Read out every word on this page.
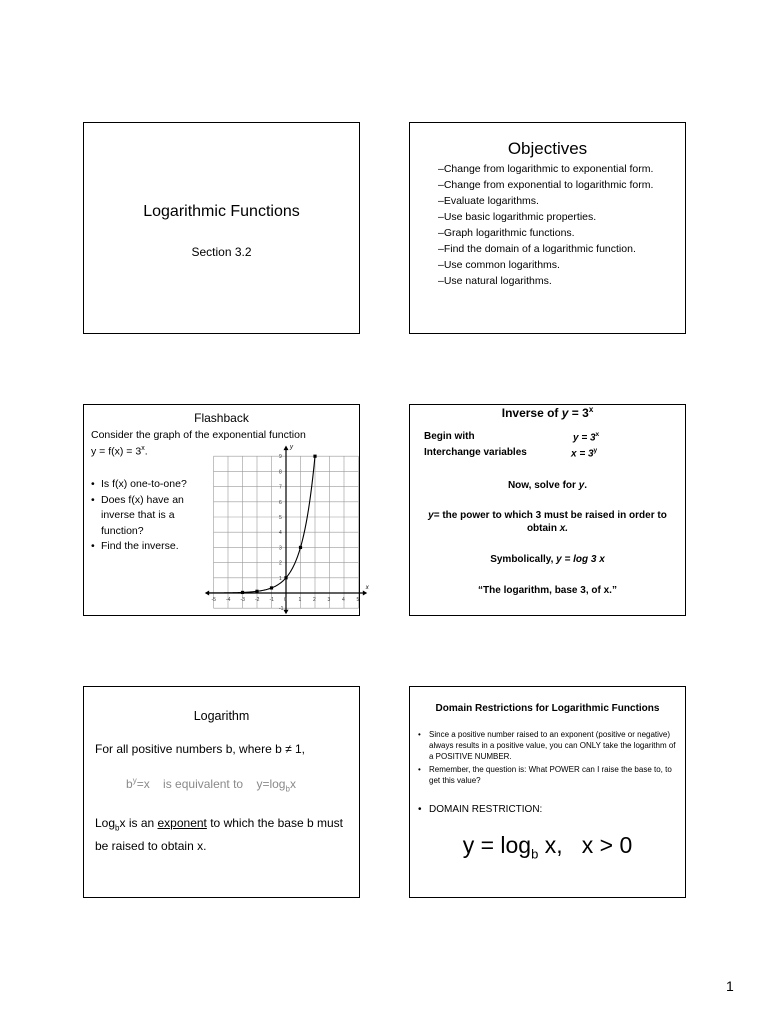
Logarithmic Functions
Section 3.2
Objectives
– Change from logarithmic to exponential form.
– Change from exponential to logarithmic form.
– Evaluate logarithms.
– Use basic logarithmic properties.
– Graph logarithmic functions.
– Find the domain of a logarithmic function.
– Use common logarithms.
– Use natural logarithms.
Flashback
Consider the graph of the exponential function
$y = f(x) = 3^x$.
• Is f(x) one-to-one?
• Does f(x) have an inverse that is a function?
• Find the inverse.
x
y
-5 -4 -3 -2 -1 0 1 2 3 4 5
-1
1
2
3
4
5
6
7
8
9
Inverse of $y = 3^x$
Begin with	$y = 3^x$
Interchange variables	$x = 3^y$
Now, solve for y.
y= the power to which 3 must be raised in order to obtain x.
Symbolically, y = log 3 x
“The logarithm, base 3, of x.”
Logarithm
For all positive numbers b, where b ≠ 1,
$b^y=x$ is equivalent to $y=\log_bx$
Log$_b$x is an exponent to which the base b must be raised to obtain x.
Domain Restrictions for Logarithmic Functions
• Since a positive number raised to an exponent (positive or negative) always results in a positive value, you can ONLY take the logarithm of a POSITIVE NUMBER.
• Remember, the question is: What POWER can I raise the base to, to get this value?
• DOMAIN RESTRICTION:
$y = \log_b x$, x > 0
1
